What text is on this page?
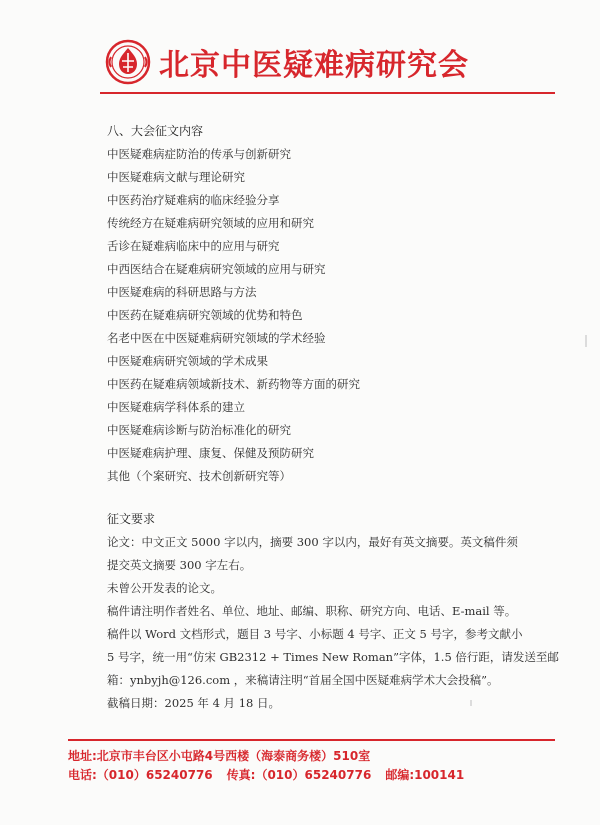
北京中医疑难病研究会
八、大会征文内容
中医疑难病症防治的传承与创新研究
中医疑难病文献与理论研究
中医药治疗疑难病的临床经验分享
传统经方在疑难病研究领域的应用和研究
舌诊在疑难病临床中的应用与研究
中西医结合在疑难病研究领域的应用与研究
中医疑难病的科研思路与方法
中医药在疑难病研究领域的优势和特色
名老中医在中医疑难病研究领域的学术经验
中医疑难病研究领域的学术成果
中医药在疑难病领域新技术、新药物等方面的研究
中医疑难病学科体系的建立
中医疑难病诊断与防治标准化的研究
中医疑难病护理、康复、保健及预防研究
其他（个案研究、技术创新研究等）
征文要求
论文：中文正文 5000 字以内，摘要 300 字以内，最好有英文摘要。英文稿件须
提交英文摘要 300 字左右。
未曾公开发表的论文。
稿件请注明作者姓名、单位、地址、邮编、职称、研究方向、电话、E-mail 等。
稿件以 Word 文档形式，题目 3 号字、小标题 4 号字、正文 5 号字，参考文献小
5 号字，统一用“仿宋 GB2312 + Times New Roman”字体，1.5 倍行距，请发送至邮
箱：ynbyjh@126.com ，来稿请注明“首届全国中医疑难病学术大会投稿”。
截稿日期：2025 年 4 月 18 日。
地址:北京市丰台区小屯路4号西楼（海泰商务楼）510室
电话:（010）65240776 传真:（010）65240776 邮编:100141
